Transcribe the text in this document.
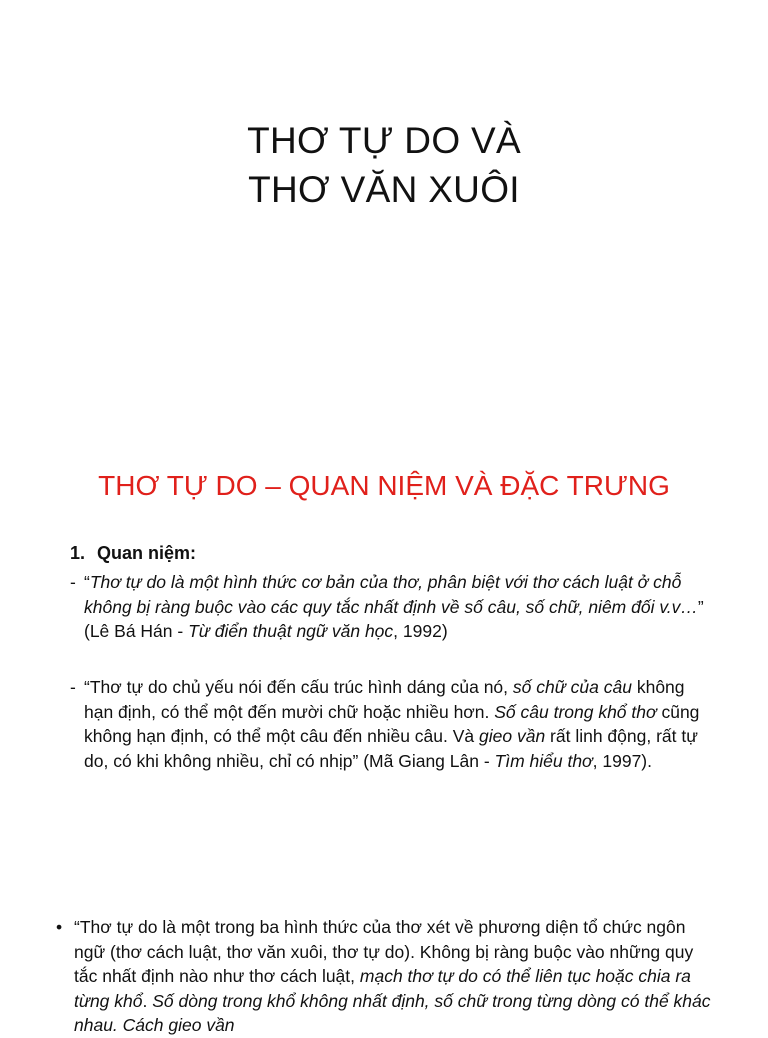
THƠ TỰ DO VÀ
THƠ VĂN XUÔI
THƠ TỰ DO – QUAN NIỆM VÀ ĐẶC TRƯNG

1. Quan niệm:

- “Thơ tự do là một hình thức cơ bản của thơ, phân biệt với thơ cách luật ở chỗ không bị ràng buộc vào các quy tắc nhất định về số câu, số chữ, niêm đối v.v…” (Lê Bá Hán - Từ điển thuật ngữ văn học, 1992)

- “Thơ tự do chủ yếu nói đến cấu trúc hình dáng của nó, số chữ của câu không hạn định, có thể một đến mười chữ hoặc nhiều hơn. Số câu trong khổ thơ cũng không hạn định, có thể một câu đến nhiều câu. Và gieo vần rất linh động, rất tự do, có khi không nhiều, chỉ có nhịp” (Mã Giang Lân - Tìm hiểu thơ, 1997).

• “Thơ tự do là một trong ba hình thức của thơ xét về phương diện tổ chức ngôn ngữ (thơ cách luật, thơ văn xuôi, thơ tự do). Không bị ràng buộc vào những quy tắc nhất định nào như thơ cách luật, mạch thơ tự do có thể liên tục hoặc chia ra từng khổ. Số dòng trong khổ không nhất định, số chữ trong từng dòng có thể khác nhau. Cách gieo vần
